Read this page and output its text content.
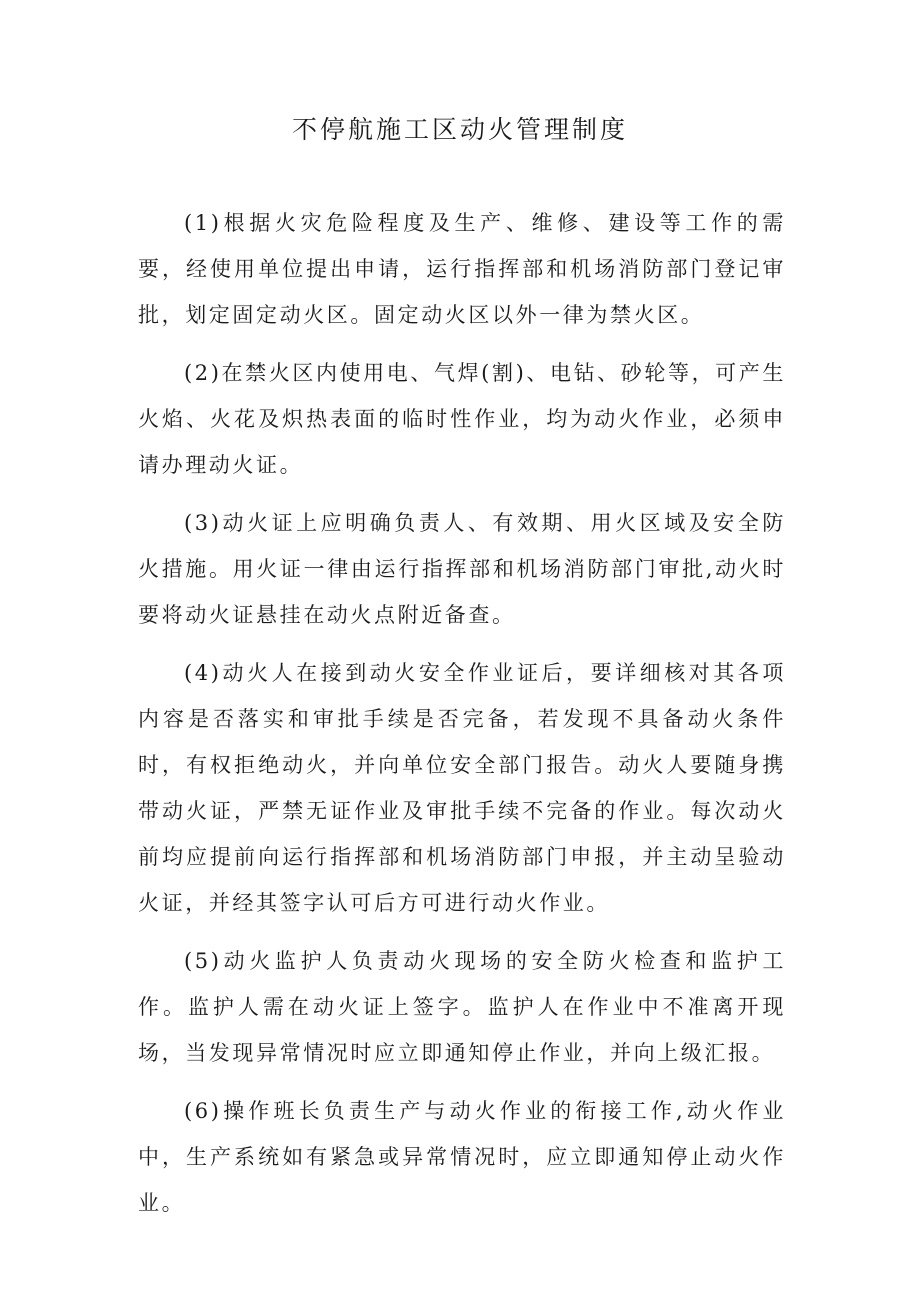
不停航施工区动火管理制度

(1)根据火灾危险程度及生产、维修、建设等工作的需要，经使用单位提出申请，运行指挥部和机场消防部门登记审批，划定固定动火区。固定动火区以外一律为禁火区。

(2)在禁火区内使用电、气焊(割)、电钻、砂轮等，可产生火焰、火花及炽热表面的临时性作业，均为动火作业，必须申请办理动火证。

(3)动火证上应明确负责人、有效期、用火区域及安全防火措施。用火证一律由运行指挥部和机场消防部门审批,动火时要将动火证悬挂在动火点附近备查。

(4)动火人在接到动火安全作业证后，要详细核对其各项内容是否落实和审批手续是否完备，若发现不具备动火条件时，有权拒绝动火，并向单位安全部门报告。动火人要随身携带动火证，严禁无证作业及审批手续不完备的作业。每次动火前均应提前向运行指挥部和机场消防部门申报，并主动呈验动火证，并经其签字认可后方可进行动火作业。

(5)动火监护人负责动火现场的安全防火检查和监护工作。监护人需在动火证上签字。监护人在作业中不准离开现场，当发现异常情况时应立即通知停止作业，并向上级汇报。

(6)操作班长负责生产与动火作业的衔接工作,动火作业中，生产系统如有紧急或异常情况时，应立即通知停止动火作业。
